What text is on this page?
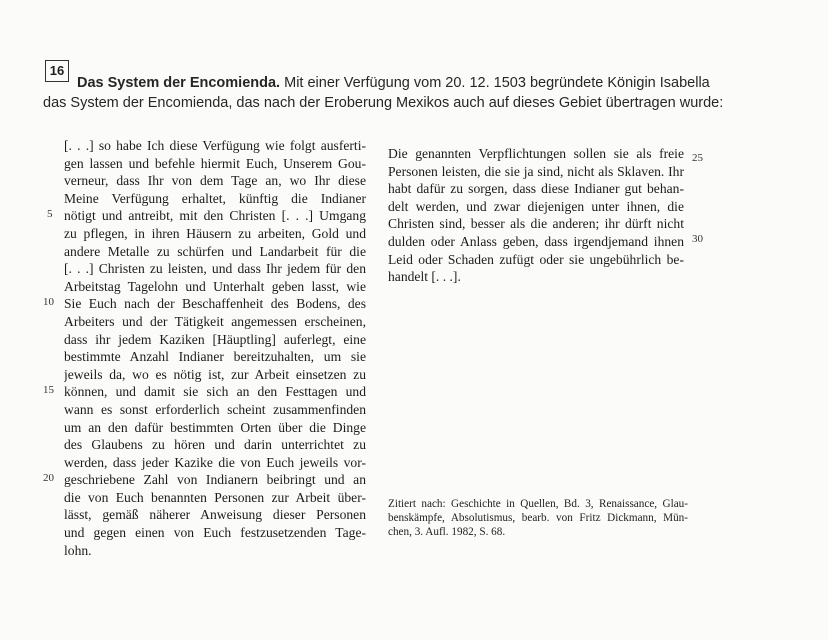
16
Das System der Encomienda. Mit einer Verfügung vom 20. 12. 1503 begründete Königin Isabella das System der Encomienda, das nach der Eroberung Mexikos auch auf dieses Gebiet übertragen wurde:
[. . .] so habe Ich diese Verfügung wie folgt ausferti-
gen lassen und befehle hiermit Euch, Unserem Gou-
verneur, dass Ihr von dem Tage an, wo Ihr diese
Meine Verfügung erhaltet, künftig die Indianer
nötigt und antreibt, mit den Christen [. . .] Umgang
zu pflegen, in ihren Häusern zu arbeiten, Gold und
andere Metalle zu schürfen und Landarbeit für die
[. . .] Christen zu leisten, und dass Ihr jedem für den
Arbeitstag Tagelohn und Unterhalt geben lasst, wie
Sie Euch nach der Beschaffenheit des Bodens, des
Arbeiters und der Tätigkeit angemessen erscheinen,
dass ihr jedem Kaziken [Häuptling] auferlegt, eine
bestimmte Anzahl Indianer bereitzuhalten, um sie
jeweils da, wo es nötig ist, zur Arbeit einsetzen zu
können, und damit sie sich an den Festtagen und
wann es sonst erforderlich scheint zusammenfinden
um an den dafür bestimmten Orten über die Dinge
des Glaubens zu hören und darin unterrichtet zu
werden, dass jeder Kazike die von Euch jeweils vor-
geschriebene Zahl von Indianern beibringt und an
die von Euch benannten Personen zur Arbeit über-
lässt, gemäß näherer Anweisung dieser Personen
und gegen einen von Euch festzusetzenden Tage-
lohn.
5
10
15
20
Die genannten Verpflichtungen sollen sie als freie
Personen leisten, die sie ja sind, nicht als Sklaven. Ihr
habt dafür zu sorgen, dass diese Indianer gut behan-
delt werden, und zwar diejenigen unter ihnen, die
Christen sind, besser als die anderen; ihr dürft nicht
dulden oder Anlass geben, dass irgendjemand ihnen
Leid oder Schaden zufügt oder sie ungebührlich be-
handelt [. . .].
25
30
Zitiert nach: Geschichte in Quellen, Bd. 3, Renaissance, Glau-
benskämpfe, Absolutismus, bearb. von Fritz Dickmann, Mün-
chen, 3. Aufl. 1982, S. 68.
